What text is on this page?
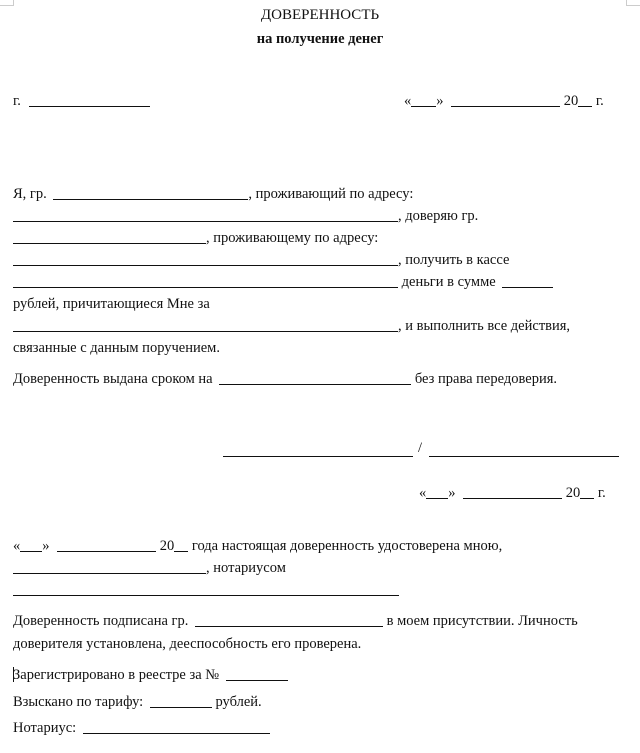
ДОВЕРЕННОСТЬ
на получение денег
г.	« »	20 г.
Я, гр.	, проживающий по адресу:
, доверяю гр.
, проживающему по адресу:
, получить в кассе
деньги в сумме
рублей, причитающиеся Мне за
, и выполнить все действия,
связанные с данным поручением.
Доверенность выдана сроком на	без права передоверия.
/
« »	20 г.
« »	20 года настоящая доверенность удостоверена мною,
, нотариусом
Доверенность подписана гр.	в моем присутствии. Личность
доверителя установлена, дееспособность его проверена.
Зарегистрировано в реестре за №
Взыскано по тарифу:	рублей.
Нотариус:
